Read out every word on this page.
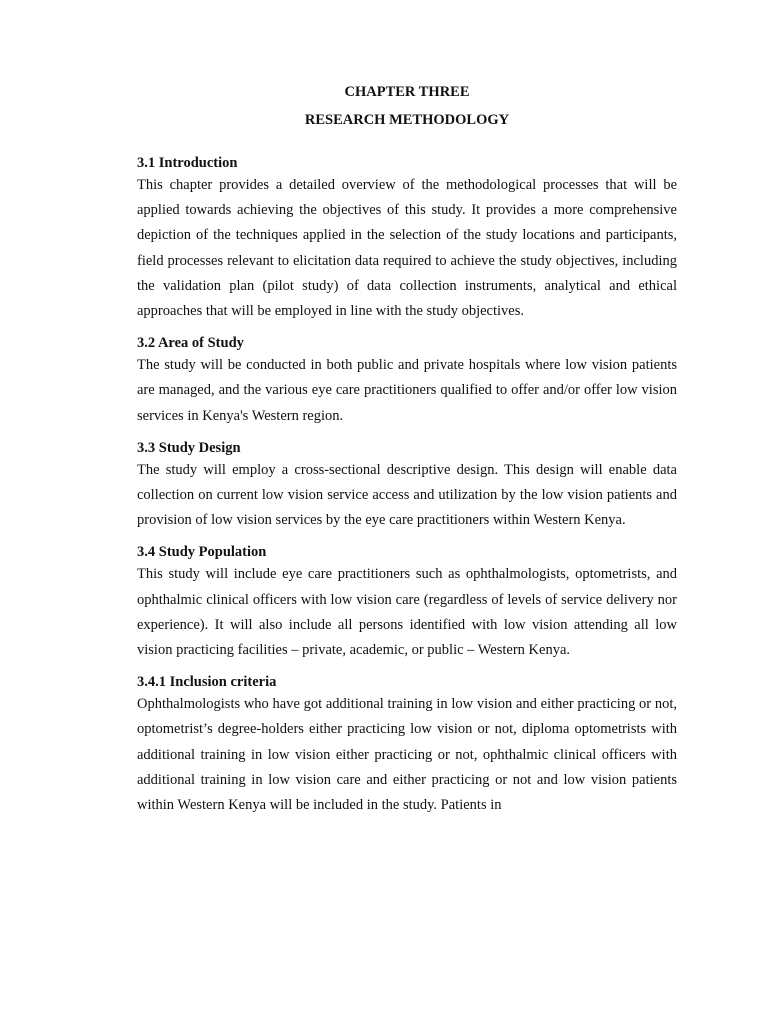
CHAPTER THREE

RESEARCH METHODOLOGY

3.1 Introduction

This chapter provides a detailed overview of the methodological processes that will be applied towards achieving the objectives of this study. It provides a more comprehensive depiction of the techniques applied in the selection of the study locations and participants, field processes relevant to elicitation data required to achieve the study objectives, including the validation plan (pilot study) of data collection instruments, analytical and ethical approaches that will be employed in line with the study objectives.

3.2 Area of Study

The study will be conducted in both public and private hospitals where low vision patients are managed, and the various eye care practitioners qualified to offer and/or offer low vision services in Kenya's Western region.

3.3 Study Design

The study will employ a cross-sectional descriptive design. This design will enable data collection on current low vision service access and utilization by the low vision patients and provision of low vision services by the eye care practitioners within Western Kenya.

3.4 Study Population

This study will include eye care practitioners such as ophthalmologists, optometrists, and ophthalmic clinical officers with low vision care (regardless of levels of service delivery nor experience). It will also include all persons identified with low vision attending all low vision practicing facilities – private, academic, or public – Western Kenya.

3.4.1 Inclusion criteria

Ophthalmologists who have got additional training in low vision and either practicing or not, optometrist’s degree-holders either practicing low vision or not, diploma optometrists with additional training in low vision either practicing or not, ophthalmic clinical officers with additional training in low vision care and either practicing or not and low vision patients within Western Kenya will be included in the study. Patients in
